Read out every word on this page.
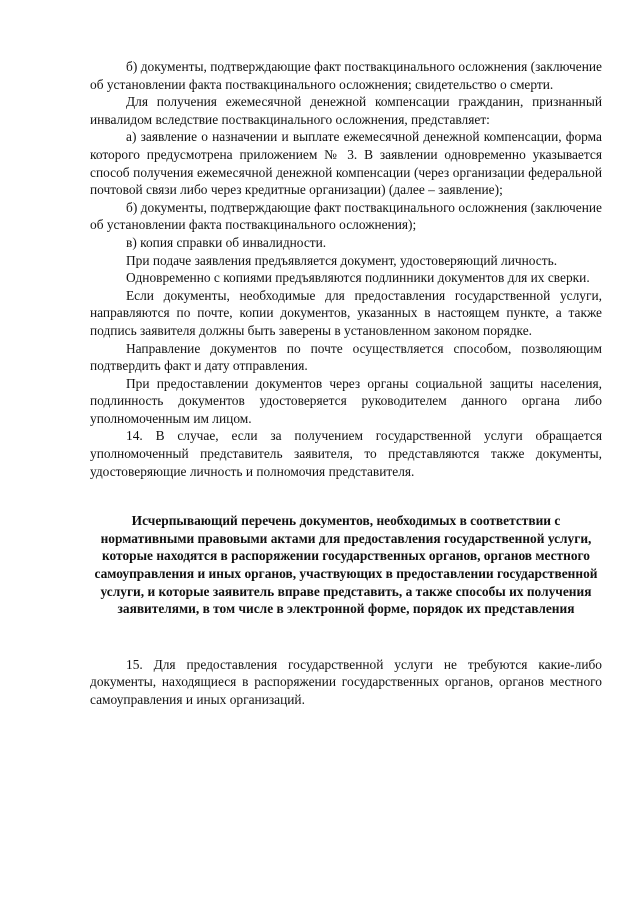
б) документы, подтверждающие факт поствакцинального осложнения (заключение об установлении факта поствакцинального осложнения; свидетельство о смерти.

Для получения ежемесячной денежной компенсации гражданин, признанный инвалидом вследствие поствакцинального осложнения, представляет:

а) заявление о назначении и выплате ежемесячной денежной компенсации, форма которого предусмотрена приложением № 3. В заявлении одновременно указывается способ получения ежемесячной денежной компенсации (через организации федеральной почтовой связи либо через кредитные организации) (далее – заявление);

б) документы, подтверждающие факт поствакцинального осложнения (заключение об установлении факта поствакцинального осложнения);

в) копия справки об инвалидности.

При подаче заявления предъявляется документ, удостоверяющий личность.

Одновременно с копиями предъявляются подлинники документов для их сверки.

Если документы, необходимые для предоставления государственной услуги, направляются по почте, копии документов, указанных в настоящем пункте, а также подпись заявителя должны быть заверены в установленном законом порядке.

Направление документов по почте осуществляется способом, позволяющим подтвердить факт и дату отправления.

При предоставлении документов через органы социальной защиты населения, подлинность документов удостоверяется руководителем данного органа либо уполномоченным им лицом.

14. В случае, если за получением государственной услуги обращается уполномоченный представитель заявителя, то представляются также документы, удостоверяющие личность и полномочия представителя.

Исчерпывающий перечень документов, необходимых в соответствии с нормативными правовыми актами для предоставления государственной услуги, которые находятся в распоряжении государственных органов, органов местного самоуправления и иных органов, участвующих в предоставлении государственной услуги, и которые заявитель вправе представить, а также способы их получения заявителями, в том числе в электронной форме, порядок их представления

15. Для предоставления государственной услуги не требуются какие-либо документы, находящиеся в распоряжении государственных органов, органов местного самоуправления и иных организаций.
